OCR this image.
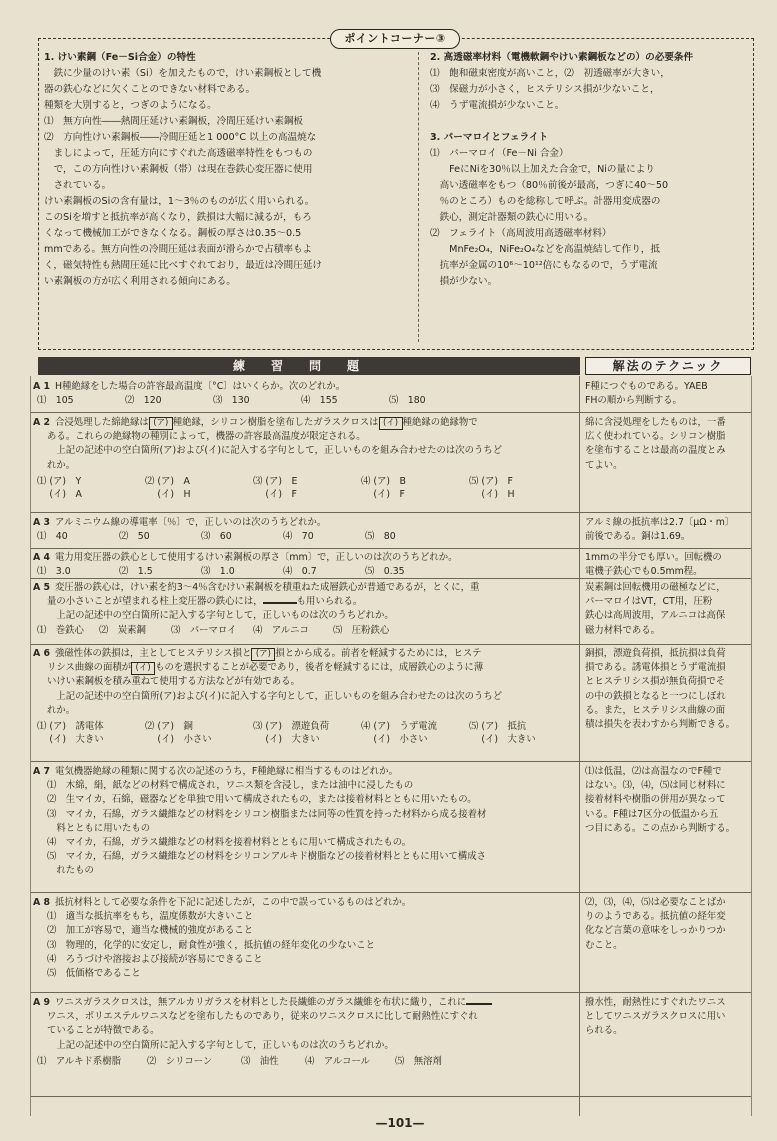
ポイントコーナー③

1. けい素鋼（Fe－Si合金）の特性

　鉄に少量のけい素（Si）を加えたもので，けい素鋼板として機

器の鉄心などに欠くことのできない材料である。

種類を大別すると，つぎのようになる。

⑴　無方向性――熱間圧延けい素鋼板，冷間圧延けい素鋼板

⑵　方向性けい素鋼板――冷間圧延と1 000°C 以上の高温焼な

　ましによって，圧延方向にすぐれた高透磁率特性をもつもの

　で，この方向性けい素鋼板（帯）は現在巻鉄心変圧器に使用

　されている。

けい素鋼板のSiの含有量は，1～3％のものが広く用いられる。

このSiを増すと抵抗率が高くなり，鉄損は大幅に減るが，もろ

くなって機械加工ができなくなる。鋼板の厚さは0.35～0.5

mmである。無方向性の冷間圧延は表面が滑らかで占積率もよ

く，磁気特性も熱間圧延に比べすぐれており，最近は冷間圧延け

い素鋼板の方が広く利用される傾向にある。

2. 高透磁率材料（電機軟鋼やけい素鋼板などの）の必要条件

⑴　飽和磁束密度が高いこと，⑵　初透磁率が大きい，

⑶　保磁力が小さく，ヒステリシス損が少ないこと，

⑷　うず電流損が少ないこと。

3. パーマロイとフェライト

⑴　パーマロイ（Fe－Ni 合金）

　　FeにNiを30％以上加えた合金で，Niの量により

　高い透磁率をもつ（80％前後が最高，つぎに40～50

　％のところ）ものを総称して呼ぶ。計器用変成器の

　鉄心，測定計器類の鉄心に用いる。

⑵　フェライト（高周波用高透磁率材料）

　　MnFe₂O₄，NiFe₂O₄などを高温焼結して作り，抵

　抗率が金属の10⁶～10¹²倍にもなるので，うず電流

　損が少ない。

練習問題	解法のテクニック

A 1 H種絶縁をした場合の許容最高温度〔°C〕はいくらか。次のどれか。

⑴　105	⑵　120	⑶　130	⑷　155	⑸　180

F種につぐものである。YAEB

FHの順から判断する。

A 2 合浸処理した綿絶縁は (ア) 種絶縁，シリコン樹脂を塗布したガラスクロスは (イ) 種絶縁の絶縁物で

ある。これらの絶縁物の種別によって，機器の許容最高温度が限定される。

　上記の記述中の空白箇所(ア)および(イ)に記入する字句として，正しいものを組み合わせたのは次のうちど

れか。

⑴ (ア)　Y
(イ)　A
⑵ (ア)　A
(イ)　H
⑶ (ア)　E
(イ)　F
⑷ (ア)　B
(イ)　F
⑸ (ア)　F
(イ)　H

綿に含浸処理をしたものは，一番

広く使われている。シリコン樹脂

を塗布することは最高の温度とみ

てよい。

A 3 アルミニウム線の導電率〔％〕で，正しいのは次のうちどれか。

⑴　40	⑵　50	⑶　60	⑷　70	⑸　80

アルミ線の抵抗率は2.7〔μΩ・m〕

前後である。銅は1.69。

A 4 電力用変圧器の鉄心として使用するけい素鋼板の厚さ〔mm〕で，正しいのは次のうちどれか。

⑴　3.0	⑵　1.5	⑶　1.0	⑷　0.7	⑸　0.35

1mmの半分でも厚い。回転機の

電機子鉄心でも0.5mm程。

A 5 変圧器の鉄心は，けい素を約3～4％含むけい素鋼板を積重ねた成層鉄心が普通であるが，とくに，重

量の小さいことが望まれる柱上変圧器の鉄心には，	も用いられる。

　上記の記述中の空白箇所に記入する字句として，正しいものは次のうちどれか。

⑴　巻鉄心	⑵　炭素鋼	⑶　パーマロイ	⑷　アルニコ	⑸　圧粉鉄心

炭素鋼は回転機用の磁極などに，

パーマロイはVT，CT用，圧粉

鉄心は高周波用，アルニコは高保

磁力材料である。

A 6 強磁性体の鉄損は，主としてヒステリシス損と (ア) 損とから成る。前者を軽減するためには，ヒステ

リシス曲線の面積が (イ) ものを選択することが必要であり，後者を軽減するには，成層鉄心のように薄

いけい素鋼板を積み重ねて使用する方法などが有効である。

　上記の記述中の空白箇所(ア)および(イ)に記入する字句として，正しいものを組み合わせたのは次のうちど

れか。

⑴ (ア)　誘電体
(イ)　大きい
⑵ (ア)　銅
(イ)　小さい
⑶ (ア)　漂遊負荷
(イ)　大きい
⑷ (ア)　うず電流
(イ)　小さい
⑸ (ア)　抵抗
(イ)　大きい

銅損，漂遊負荷損，抵抗損は負荷

損である。誘電体損とうず電流損

とヒステリシス損が無負荷損でそ

の中の鉄損となると一つにしぼれ

る。また，ヒステリシス曲線の面

積は損失を表わすから判断できる。

A 7 電気機器絶縁の種類に関する次の記述のうち，F種絶縁に相当するものはどれか。

⑴　木綿，絹，紙などの材料で構成され，ワニス類を含浸し，または油中に浸したもの

⑵　生マイカ，石綿，磁器などを単独で用いて構成されたもの，または接着材料とともに用いたもの。

⑶　マイカ，石綿，ガラス繊維などの材料をシリコン樹脂または同等の性質を持った材料から成る接着材

　料とともに用いたもの

⑷　マイカ，石綿，ガラス繊維などの材料を接着材料とともに用いて構成されたもの。

⑸　マイカ，石綿，ガラス繊維などの材料をシリコンアルキド樹脂などの接着材料とともに用いて構成さ

　れたもの

⑴は低温，⑵は高温なのでF種で

はない。⑶，⑷，⑸は同じ材料に

接着材料や樹脂の併用が異なって

いる。F種は7区分の低温から五

つ目にある。この点から判断する。

A 8 抵抗材料として必要な条件を下記に記述したが，この中で誤っているものはどれか。

⑴　適当な抵抗率をもち，温度係数が大きいこと

⑵　加工が容易で，適当な機械的強度があること

⑶　物理的，化学的に安定し，耐食性が強く，抵抗値の経年変化の少ないこと

⑷　ろうづけや溶接および接続が容易にできること

⑸　低価格であること

⑵，⑶，⑷，⑸は必要なことばか

りのようである。抵抗値の経年変

化など言葉の意味をしっかりつか

むこと。

A 9 ワニスガラスクロスは，無アルカリガラスを材料とした長繊維のガラス繊維を布状に織り，これに

ワニス，ポリエステルワニスなどを塗布したものであり，従来のワニスクロスに比して耐熱性にすぐれ

ていることが特徴である。

　上記の記述中の空白箇所に記入する字句として，正しいものは次のうちどれか。

⑴　アルキド系樹脂	⑵　シリコーン	⑶　油性	⑷　アルコール	⑸　無溶剤

撥水性，耐熱性にすぐれたワニス

としてワニスガラスクロスに用い

られる。

—101—
